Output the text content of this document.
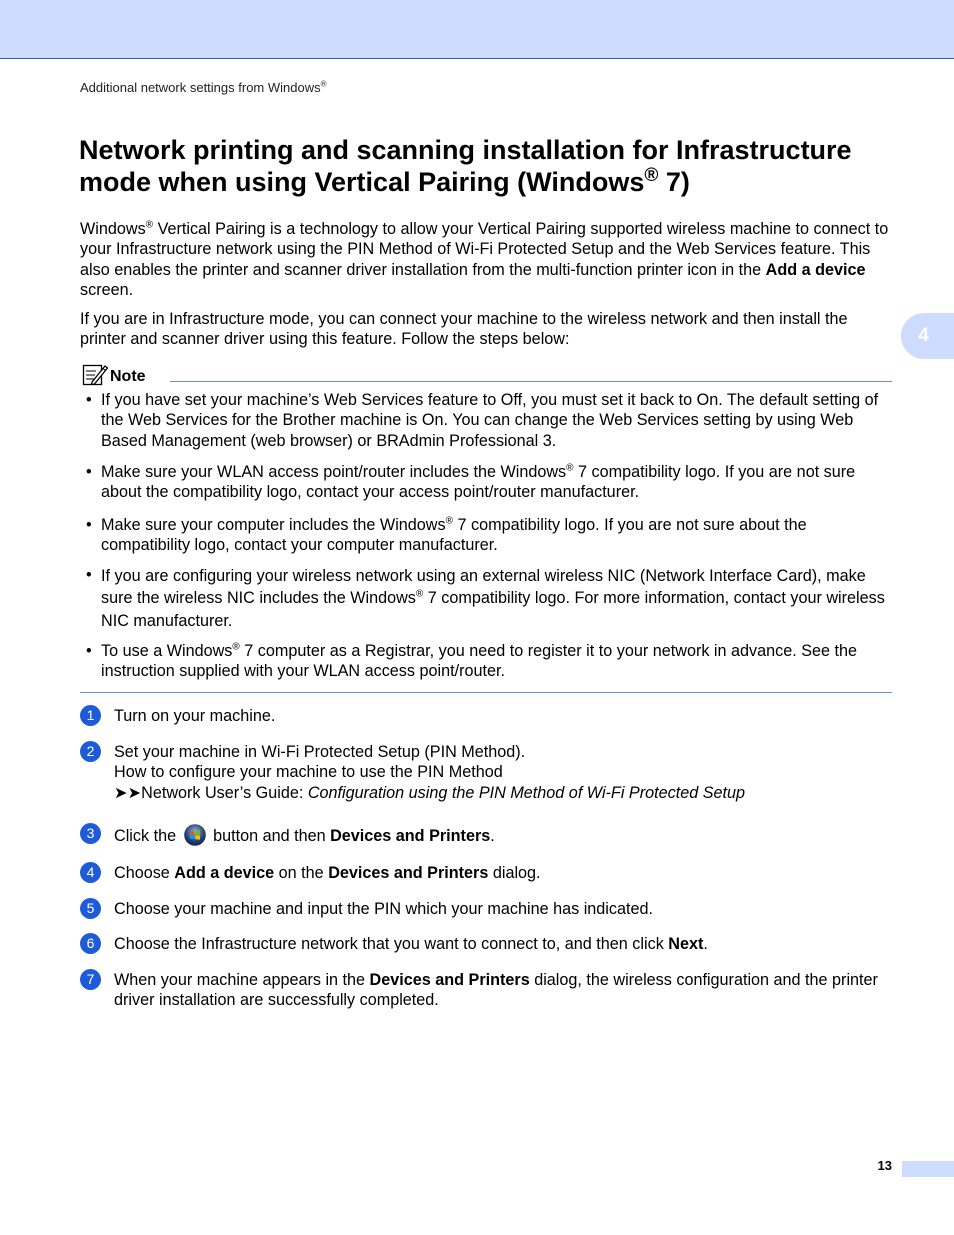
Additional network settings from Windows®
4
Network printing and scanning installation for Infrastructure
mode when using Vertical Pairing (Windows® 7)

Windows® Vertical Pairing is a technology to allow your Vertical Pairing supported wireless machine to connect to your Infrastructure network using the PIN Method of Wi-Fi Protected Setup and the Web Services feature. This also enables the printer and scanner driver installation from the multi-function printer icon in the Add a device screen.

If you are in Infrastructure mode, you can connect your machine to the wireless network and then install the printer and scanner driver using this feature. Follow the steps below:

Note
• If you have set your machine’s Web Services feature to Off, you must set it back to On. The default setting of the Web Services for the Brother machine is On. You can change the Web Services setting by using Web Based Management (web browser) or BRAdmin Professional 3.
• Make sure your WLAN access point/router includes the Windows® 7 compatibility logo. If you are not sure about the compatibility logo, contact your access point/router manufacturer.
• Make sure your computer includes the Windows® 7 compatibility logo. If you are not sure about the compatibility logo, contact your computer manufacturer.
• If you are configuring your wireless network using an external wireless NIC (Network Interface Card), make sure the wireless NIC includes the Windows® 7 compatibility logo. For more information, contact your wireless NIC manufacturer.
• To use a Windows® 7 computer as a Registrar, you need to register it to your network in advance. See the instruction supplied with your WLAN access point/router.
1	Turn on your machine.
2	Set your machine in Wi-Fi Protected Setup (PIN Method).
How to configure your machine to use the PIN Method
➤➤Network User’s Guide: Configuration using the PIN Method of Wi-Fi Protected Setup
3	Click the  button and then Devices and Printers.
4	Choose Add a device on the Devices and Printers dialog.
5	Choose your machine and input the PIN which your machine has indicated.
6	Choose the Infrastructure network that you want to connect to, and then click Next.
7	When your machine appears in the Devices and Printers dialog, the wireless configuration and the printer driver installation are successfully completed.
13
